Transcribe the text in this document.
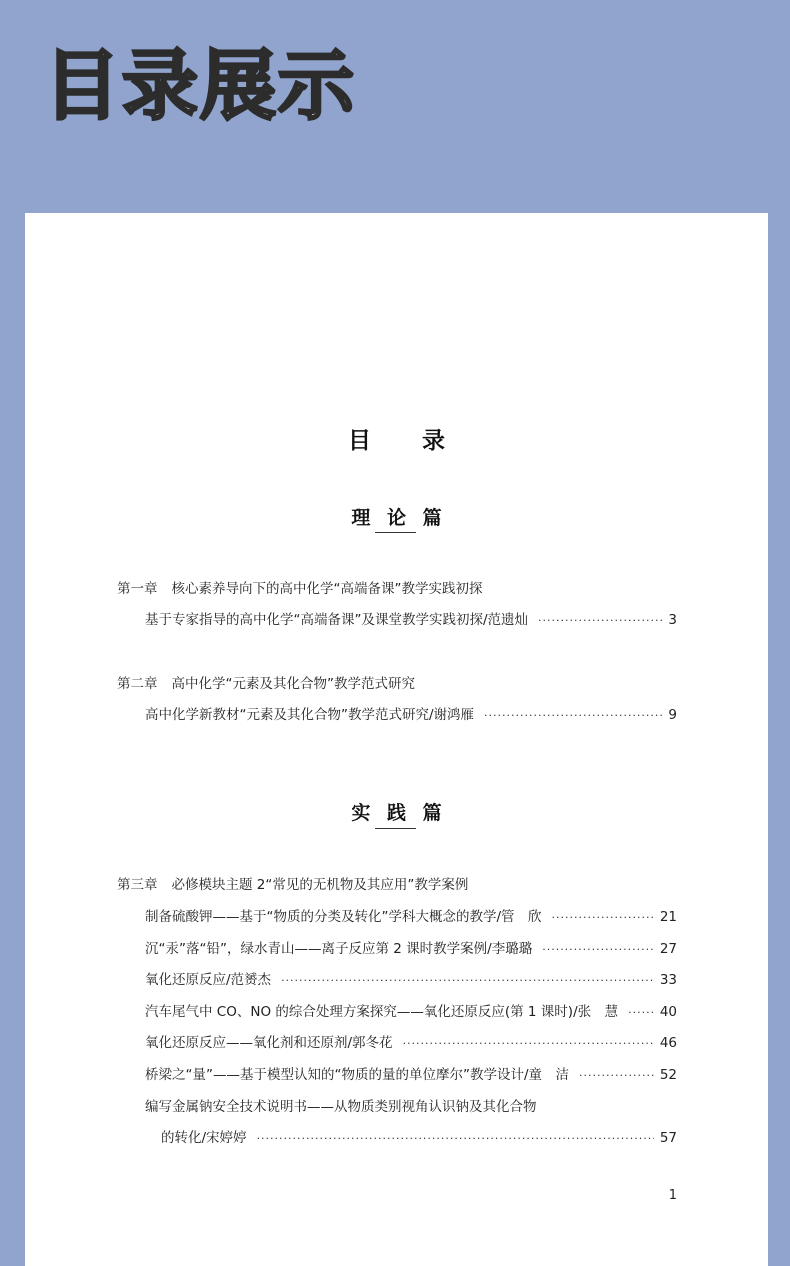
目录展示
目　录
理 论 篇
第一章 核心素养导向下的高中化学“高端备课”教学实践初探
基于专家指导的高中化学“高端备课”及课堂教学实践初探/范遗灿 ·····	3
第二章 高中化学“元素及其化合物”教学范式研究
高中化学新教材“元素及其化合物”教学范式研究/谢鸿雁 ·····	9
实 践 篇
第三章 必修模块主题 2“常见的无机物及其应用”教学案例
制备硫酸钾——基于“物质的分类及转化”学科大概念的教学/管　欣 ·····	21
沉“汞”落“铅”，绿水青山——离子反应第 2 课时教学案例/李璐璐 ·····	27
氧化还原反应/范赟杰 ·····	33
汽车尾气中 CO、NO 的综合处理方案探究——氧化还原反应(第 1 课时)/张　慧 ·····	40
氧化还原反应——氧化剂和还原剂/郭冬花 ·····	46
桥梁之“量”——基于模型认知的“物质的量的单位摩尔”教学设计/童　洁 ·····	52
编写金属钠安全技术说明书——从物质类别视角认识钠及其化合物
的转化/宋婷婷 ·····	57
1
